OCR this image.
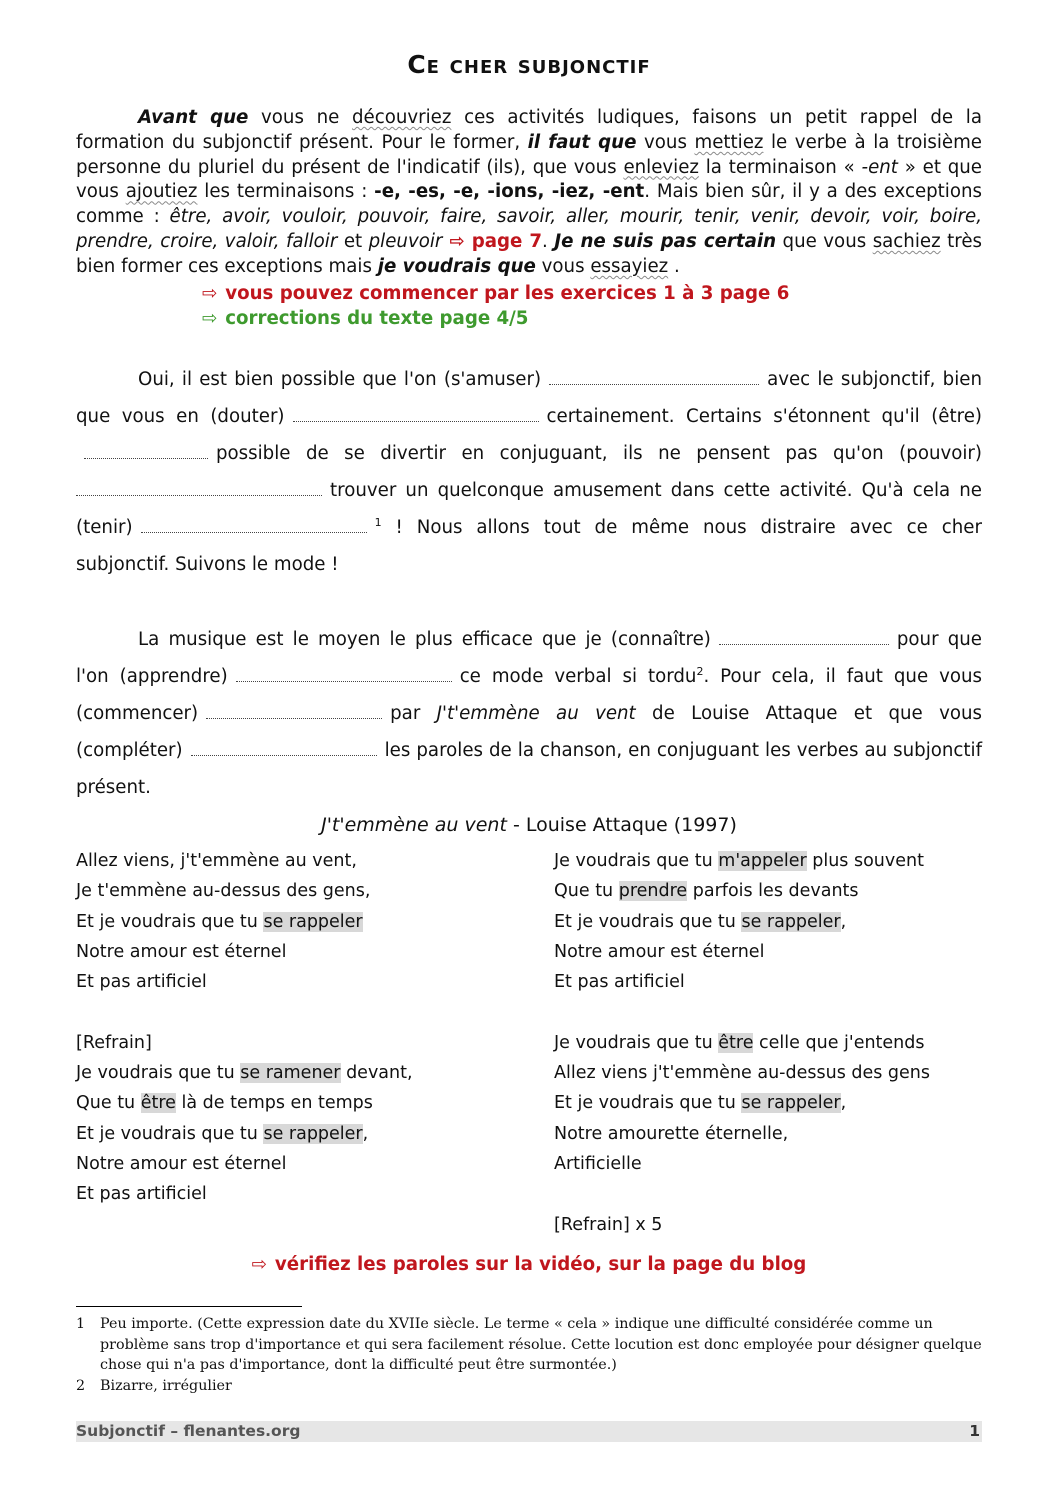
Ce cher subjonctif

Avant que vous ne découvriez ces activités ludiques, faisons un petit rappel de la formation du subjonctif présent. Pour le former, il faut que vous mettiez le verbe à la troisième personne du pluriel du présent de l'indicatif (ils), que vous enleviez la terminaison « -ent » et que vous ajoutiez les terminaisons : -e, -es, -e, -ions, -iez, -ent. Mais bien sûr, il y a des exceptions comme : être, avoir, vouloir, pouvoir, faire, savoir, aller, mourir, tenir, venir, devoir, voir, boire, prendre, croire, valoir, falloir et pleuvoir ⇨ page 7. Je ne suis pas certain que vous sachiez très bien former ces exceptions mais je voudrais que vous essayiez .

⇨ vous pouvez commencer par les exercices 1 à 3 page 6
⇨ corrections du texte page 4/5

Oui, il est bien possible que l'on (s'amuser)	avec le subjonctif, bien que vous en (douter)	certainement. Certains s'étonnent qu'il (être)possible de se divertir en conjuguant, ils ne pensent pas qu'on (pouvoir)trouver un quelconque amusement dans cette activité. Qu'à cela ne (tenir)	$^1$ ! Nous allons tout de même nous distraire avec ce cher subjonctif. Suivons le mode !

La musique est le moyen le plus efficace que je (connaître)	pour que l'on (apprendre)	ce mode verbal si tordu$^2$. Pour cela, il faut que vous (commencer)	par J't'emmène au vent de Louise Attaque et que vous (compléter)	les paroles de la chanson, en conjuguant les verbes au subjonctif présent.

J't'emmène au vent - Louise Attaque (1997)
Allez viens, j't'emmène au vent,
Je t'emmène au-dessus des gens,
Et je voudrais que tu se rappeler
Notre amour est éternel
Et pas artificiel
[Refrain]
Je voudrais que tu se ramener devant,
Que tu être là de temps en temps
Et je voudrais que tu se rappeler,
Notre amour est éternel
Et pas artificiel
Je voudrais que tu m'appeler plus souvent
Que tu prendre parfois les devants
Et je voudrais que tu se rappeler,
Notre amour est éternel
Et pas artificiel
Je voudrais que tu être celle que j'entends
Allez viens j't'emmène au-dessus des gens
Et je voudrais que tu se rappeler,
Notre amourette éternelle,
Artificielle
[Refrain] x 5
⇨ vérifiez les paroles sur la vidéo, sur la page du blog
1 Peu importe. (Cette expression date du XVIIe siècle. Le terme « cela » indique une difficulté considérée comme un problème sans trop d'importance et qui sera facilement résolue. Cette locution est donc employée pour désigner quelque chose qui n'a pas d'importance, dont la difficulté peut être surmontée.)
2 Bizarre, irrégulier
Subjonctif – flenantes.org	1
